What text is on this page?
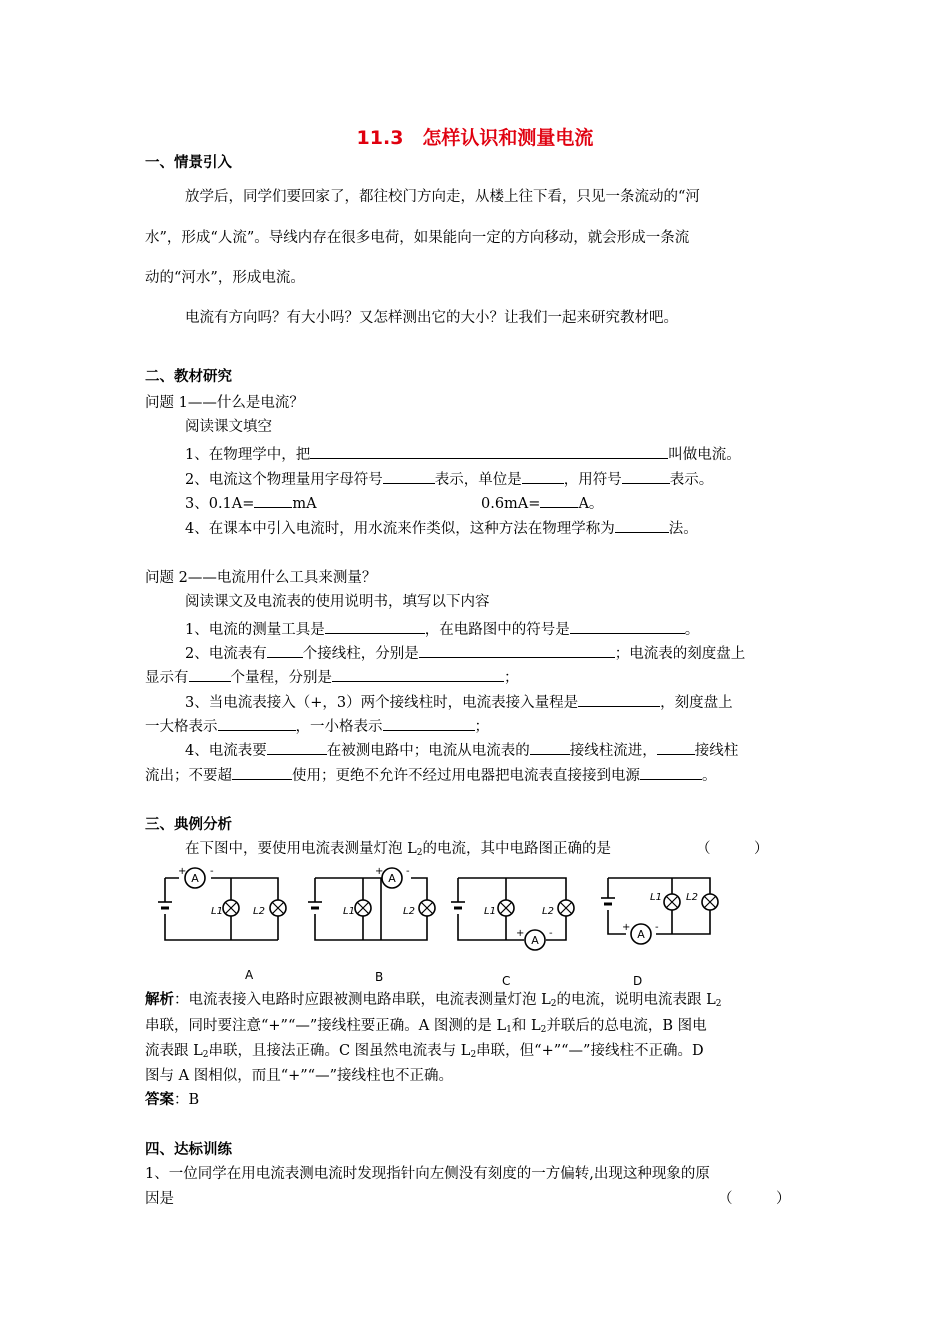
11.3　怎样认识和测量电流
一、情景引入
放学后，同学们要回家了，都往校门方向走，从楼上往下看，只见一条流动的“河
水”，形成“人流”。导线内存在很多电荷，如果能向一定的方向移动，就会形成一条流
动的“河水”，形成电流。
电流有方向吗？有大小吗？又怎样测出它的大小？让我们一起来研究教材吧。
二、教材研究
问题 1——什么是电流？
阅读课文填空
1、在物理学中，把	叫做电流。
2、电流这个物理量用字母符号	表示，单位是	，用符号	表示。
3、0.1A=	mA	0.6mA=	A。
4、在课本中引入电流时，用水流来作类似，这种方法在物理学称为	法。
问题 2——电流用什么工具来测量？
阅读课文及电流表的使用说明书，填写以下内容
1、电流的测量工具是	，在电路图中的符号是	。
2、电流表有 个接线柱，分别是	；电流表的刻度盘上
显示有	个量程，分别是	；
3、当电流表接入（+，3）两个接线柱时，电流表接入量程是	，刻度盘上
一大格表示	，一小格表示	；
4、电流表要	在被测电路中；电流从电流表的	接线柱流进，	接线柱
流出；不要超	使用；更绝不允许不经过用电器把电流表直接接到电源	。
三、典例分析
在下图中，要使用电流表测量灯泡 $L_2$的电流，其中电路图正确的是	（　　　）
A
+ -
L1	L2
A
+ -
L1	L2
A
+ -
L1	L2
A
+ -
L1 L2
A	B	C	D
解析：电流表接入电路时应跟被测电路串联，电流表测量灯泡 $L_2$的电流，说明电流表跟 $L_2$
串联，同时要注意“+”“—”接线柱要正确。A 图测的是 $L_1$和 $L_2$并联后的总电流，B 图电
流表跟 $L_2$串联，且接法正确。C 图虽然电流表与 $L_2$串联，但“+”“—”接线柱不正确。D
图与 A 图相似，而且“+”“—”接线柱也不正确。
答案：B
四、达标训练
1、一位同学在用电流表测电流时发现指针向左侧没有刻度的一方偏转,出现这种现象的原
因是	（　　　）
